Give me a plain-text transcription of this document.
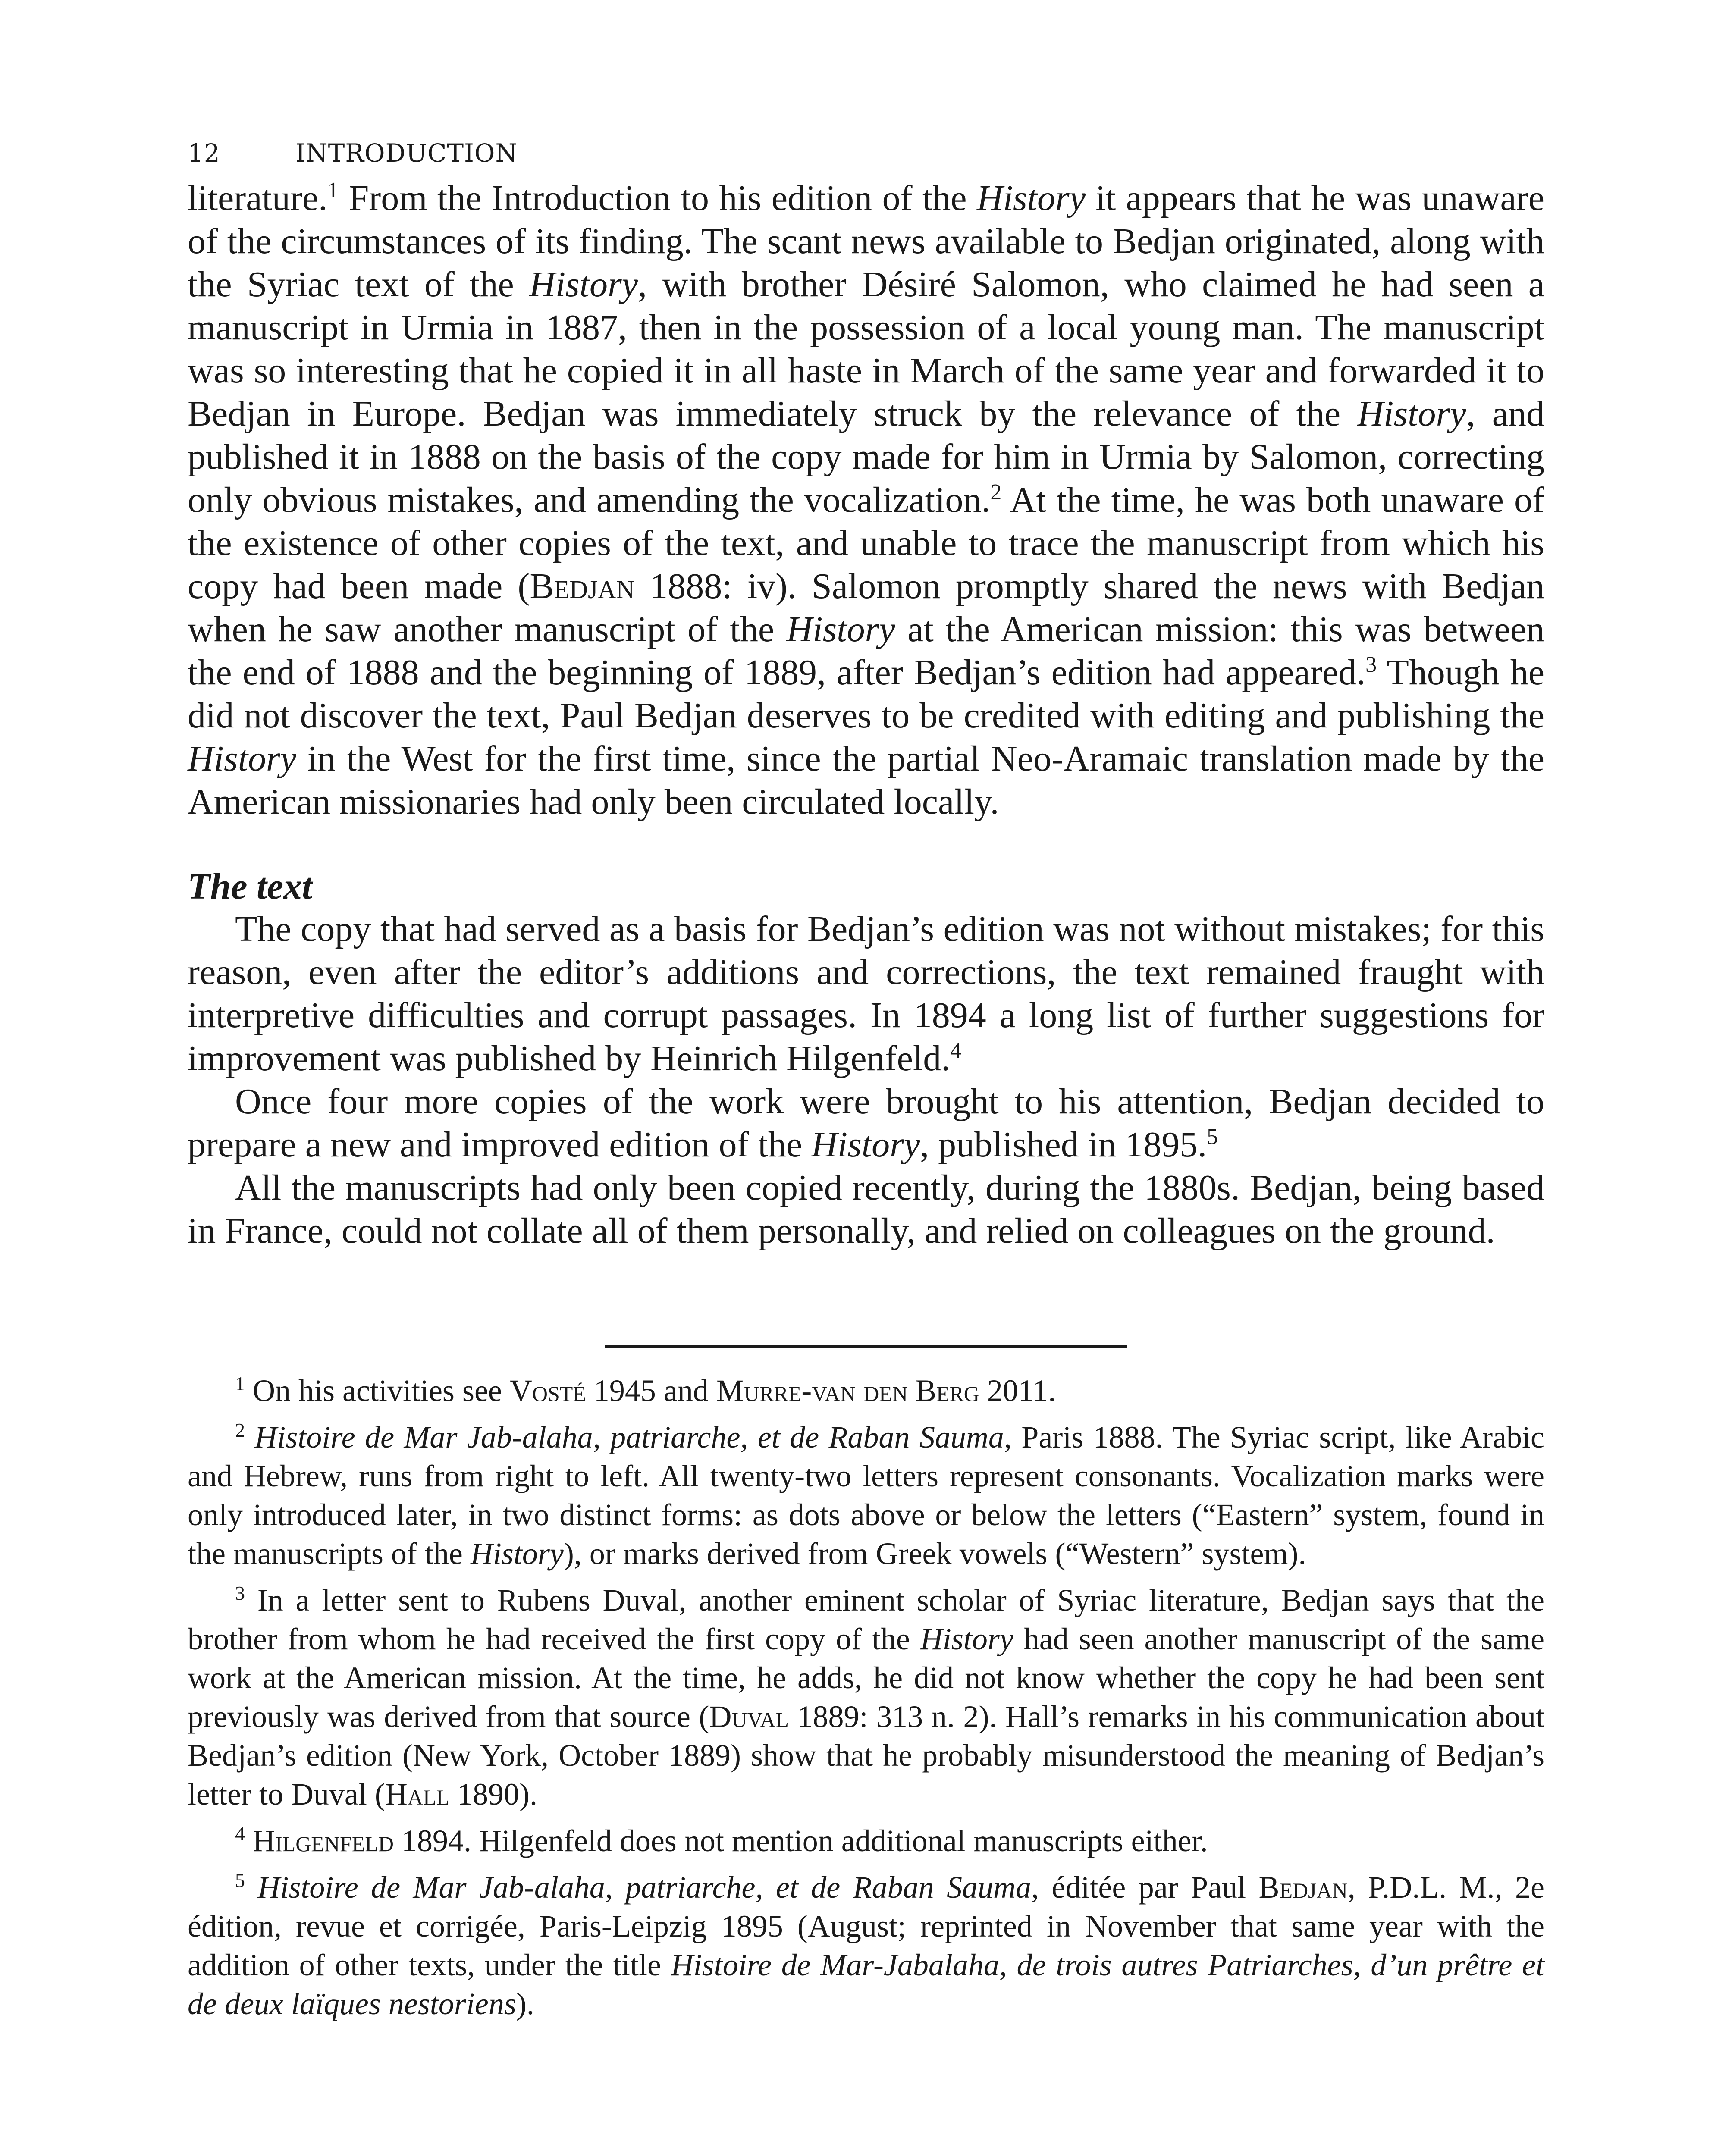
12	INTRODUCTION

literature.$^1$ From the Introduction to his edition of the History it appears that he was unaware of the circumstances of its finding. The scant news available to Bedjan originated, along with the Syriac text of the History, with brother Désiré Salomon, who claimed he had seen a manuscript in Urmia in 1887, then in the possession of a local young man. The manuscript was so interesting that he copied it in all haste in March of the same year and forwarded it to Bedjan in Europe. Bedjan was immediately struck by the relevance of the History, and published it in 1888 on the basis of the copy made for him in Urmia by Salomon, correcting only obvious mistakes, and amending the vocalization.$^2$ At the time, he was both unaware of the existence of other copies of the text, and unable to trace the manuscript from which his copy had been made (Bedjan 1888: iv). Salomon promptly shared the news with Bedjan when he saw another manuscript of the History at the American mission: this was between the end of 1888 and the beginning of 1889, after Bedjan’s edition had appeared.$^3$ Though he did not discover the text, Paul Bedjan deserves to be credited with editing and publishing the History in the West for the first time, since the partial Neo-Aramaic translation made by the American missionaries had only been circulated locally.

The text

The copy that had served as a basis for Bedjan’s edition was not without mistakes; for this reason, even after the editor’s additions and corrections, the text remained fraught with interpretive difficulties and corrupt passages. In 1894 a long list of further suggestions for improvement was published by Heinrich Hilgenfeld.$^4$

Once four more copies of the work were brought to his attention, Bedjan decided to prepare a new and improved edition of the History, published in 1895.$^5$

All the manuscripts had only been copied recently, during the 1880s. Bedjan, being based in France, could not collate all of them personally, and relied on colleagues on the ground.

$^1$ On his activities see Vosté 1945 and Murre-van den Berg 2011.

$^2$ Histoire de Mar Jab-alaha, patriarche, et de Raban Sauma, Paris 1888. The Syriac script, like Arabic and Hebrew, runs from right to left. All twenty-two letters represent consonants. Vocalization marks were only introduced later, in two distinct forms: as dots above or below the letters (“Eastern” system, found in the manuscripts of the History), or marks derived from Greek vowels (“Western” system).

$^3$ In a letter sent to Rubens Duval, another eminent scholar of Syriac literature, Bedjan says that the brother from whom he had received the first copy of the History had seen another manuscript of the same work at the American mission. At the time, he adds, he did not know whether the copy he had been sent previously was derived from that source (Duval 1889: 313 n. 2). Hall’s remarks in his communication about Bedjan’s edition (New York, October 1889) show that he probably misunderstood the meaning of Bedjan’s letter to Duval (Hall 1890).

$^4$ Hilgenfeld 1894. Hilgenfeld does not mention additional manuscripts either.

$^5$ Histoire de Mar Jab-alaha, patriarche, et de Raban Sauma, éditée par Paul Bedjan, P.D.L. M., 2e édition, revue et corrigée, Paris-Leipzig 1895 (August; reprinted in November that same year with the addition of other texts, under the title Histoire de Mar-Jabalaha, de trois autres Patriarches, d’un prêtre et de deux laïques nestoriens).
